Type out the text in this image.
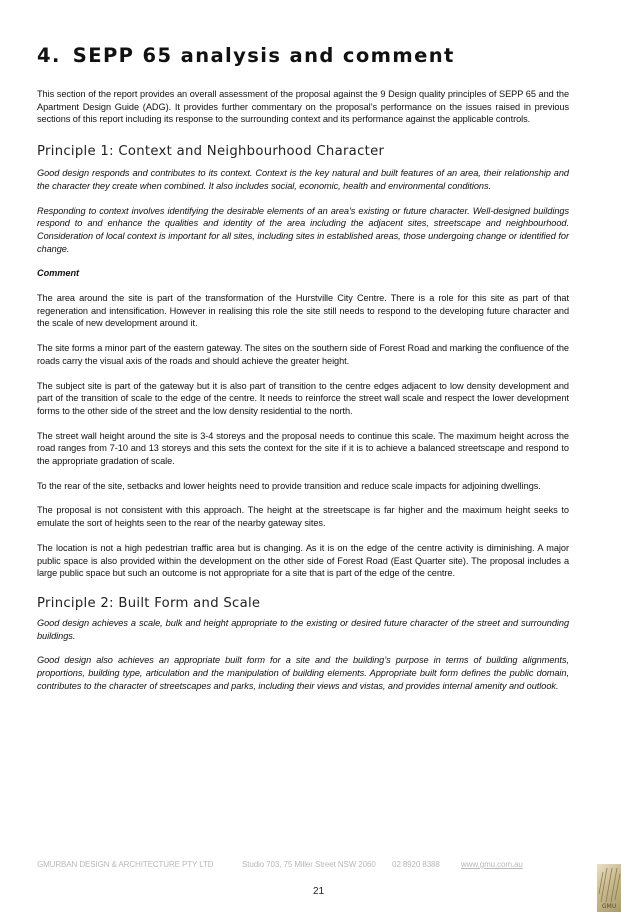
4. SEPP 65 analysis and comment

This section of the report provides an overall assessment of the proposal against the 9 Design quality principles of SEPP 65 and the Apartment Design Guide (ADG). It provides further commentary on the proposal’s performance on the issues raised in previous sections of this report including its response to the surrounding context and its performance against the applicable controls.

Principle 1: Context and Neighbourhood Character

Good design responds and contributes to its context. Context is the key natural and built features of an area, their relationship and the character they create when combined. It also includes social, economic, health and environmental conditions.

Responding to context involves identifying the desirable elements of an area’s existing or future character. Well-designed buildings respond to and enhance the qualities and identity of the area including the adjacent sites, streetscape and neighbourhood. Consideration of local context is important for all sites, including sites in established areas, those undergoing change or identified for change.

Comment

The area around the site is part of the transformation of the Hurstville City Centre. There is a role for this site as part of that regeneration and intensification. However in realising this role the site still needs to respond to the developing future character and the scale of new development around it.

The site forms a minor part of the eastern gateway. The sites on the southern side of Forest Road and marking the confluence of the roads carry the visual axis of the roads and should achieve the greater height.

The subject site is part of the gateway but it is also part of transition to the centre edges adjacent to low density development and part of the transition of scale to the edge of the centre. It needs to reinforce the street wall scale and respect the lower development forms to the other side of the street and the low density residential to the north.

The street wall height around the site is 3-4 storeys and the proposal needs to continue this scale. The maximum height across the road ranges from 7-10 and 13 storeys and this sets the context for the site if it is to achieve a balanced streetscape and respond to the appropriate gradation of scale.

To the rear of the site, setbacks and lower heights need to provide transition and reduce scale impacts for adjoining dwellings.

The proposal is not consistent with this approach. The height at the streetscape is far higher and the maximum height seeks to emulate the sort of heights seen to the rear of the nearby gateway sites.

The location is not a high pedestrian traffic area but is changing. As it is on the edge of the centre activity is diminishing. A major public space is also provided within the development on the other side of Forest Road (East Quarter site). The proposal includes a large public space but such an outcome is not appropriate for a site that is part of the edge of the centre.

Principle 2: Built Form and Scale

Good design achieves a scale, bulk and height appropriate to the existing or desired future character of the street and surrounding buildings.

Good design also achieves an appropriate built form for a site and the building’s purpose in terms of building alignments, proportions, building type, articulation and the manipulation of building elements. Appropriate built form defines the public domain, contributes to the character of streetscapes and parks, including their views and vistas, and provides internal amenity and outlook.

GMURBAN DESIGN & ARCHITECTURE PTY LTD	Studio 703, 75 Miller Street NSW 2060 02 8920 8388	www.gmu.com.au
21
GMU
